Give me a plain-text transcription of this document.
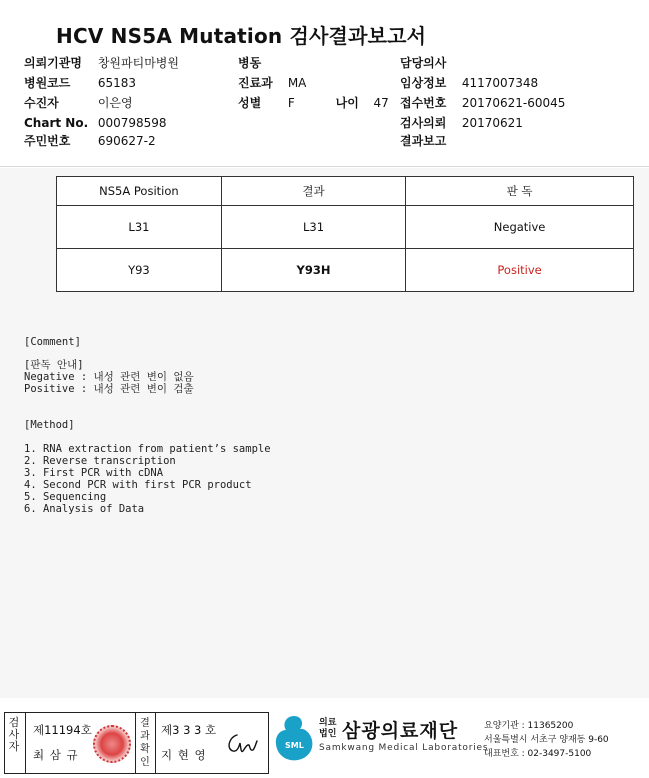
HCV NS5A Mutation 검사결과보고서
의뢰기관명 창원파티마병원
병원코드 65183
수진자	이은영
Chart No. 000798598
주민번호 690627-2
병동
진료과 MA
성별 F	나이 47
담당의사
임상정보 4117007348
접수번호 20170621-60045
검사의뢰 20170621
결과보고
NS5A Position	결과	판 독
L31	L31	Negative
Y93	Y93H	Positive
[Comment]
[판독 안내]
Negative : 내성 관련 변이 없음
Positive : 내성 관련 변이 검출
[Method]
1. RNA extraction from patient’s sample
2. Reverse transcription
3. First PCR with cDNA
4. Second PCR with first PCR product
5. Sequencing
6. Analysis of Data
검사자
제11194호
최 삼 규
결과확인
제3 3 3 호
지 현 영
SML
의료
법인 삼광의료재단
Samkwang Medical Laboratories
요양기관 : 11365200
서울특별시 서초구 양재동 9-60
대표번호 : 02-3497-5100
